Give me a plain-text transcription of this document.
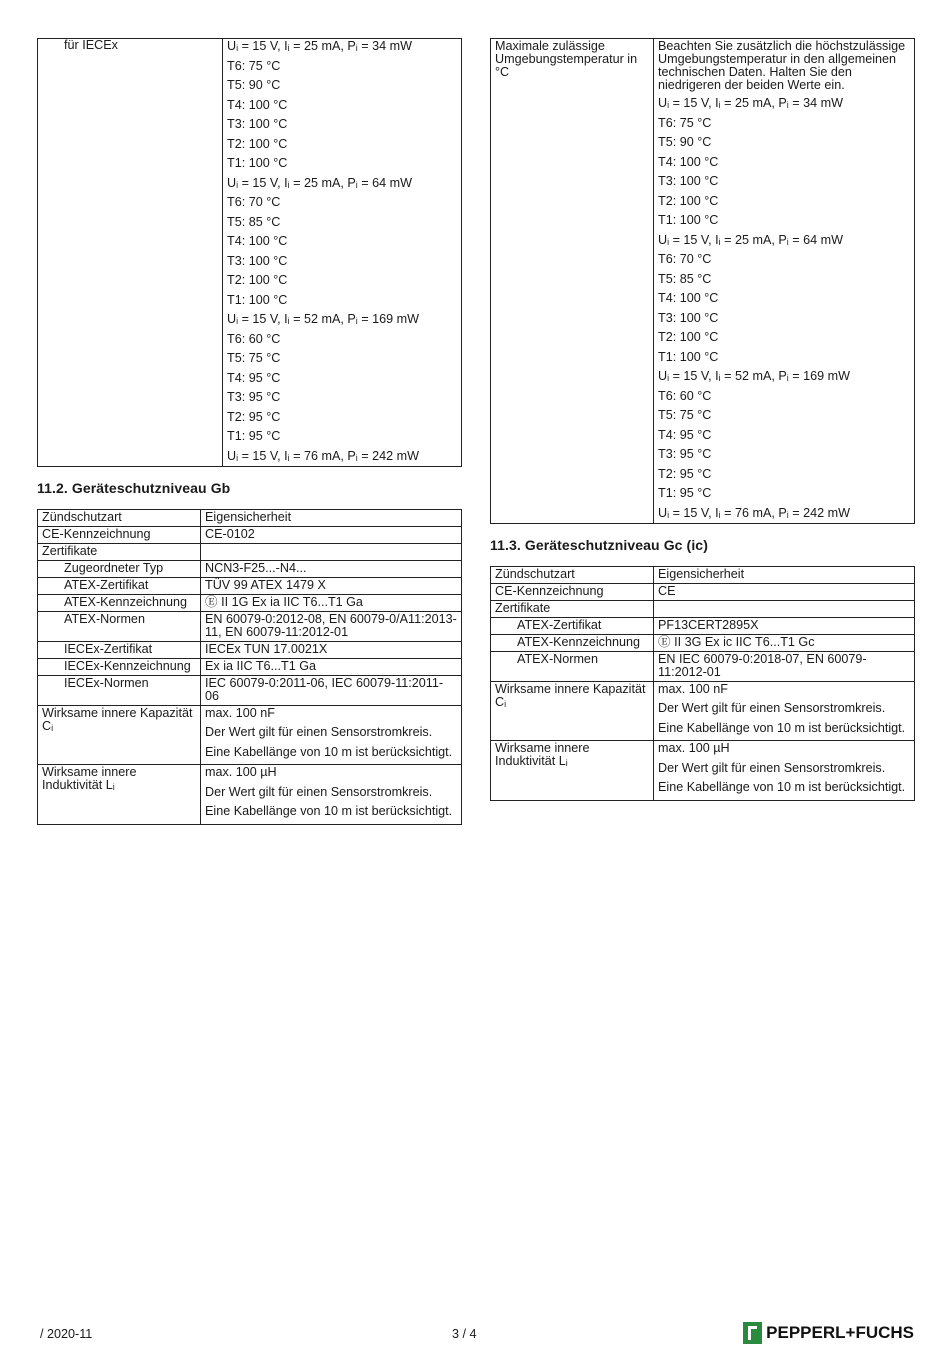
für IECEx	Uᵢ = 15 V, Iᵢ = 25 mA, Pᵢ = 34 mW
T6: 75 °C
T5: 90 °C
T4: 100 °C
T3: 100 °C
T2: 100 °C
T1: 100 °C
Uᵢ = 15 V, Iᵢ = 25 mA, Pᵢ = 64 mW
T6: 70 °C
T5: 85 °C
T4: 100 °C
T3: 100 °C
T2: 100 °C
T1: 100 °C
Uᵢ = 15 V, Iᵢ = 52 mA, Pᵢ = 169 mW
T6: 60 °C
T5: 75 °C
T4: 95 °C
T3: 95 °C
T2: 95 °C
T1: 95 °C
Uᵢ = 15 V, Iᵢ = 76 mA, Pᵢ = 242 mW
11.2. Geräteschutzniveau Gb
Zündschutzart	Eigensicherheit

CE-Kennzeichnung	CE-0102

Zertifikate	

Zugeordneter Typ	NCN3-F25...-N4...

ATEX-Zertifikat	TÜV 99 ATEX 1479 X

ATEX-Kennzeichnung	Ⓔ II 1G Ex ia IIC T6...T1 Ga

ATEX-Normen	EN 60079-0:2012-08, EN 60079-0/A11:2013-11, EN 60079-11:2012-01

IECEx-Zertifikat	IECEx TUN 17.0021X

IECEx-Kennzeichnung	Ex ia IIC T6...T1 Ga

IECEx-Normen	IEC 60079-0:2011-06, IEC 60079-11:2011-06

Wirksame innere Kapazität Cᵢ	max. 100 nF
Der Wert gilt für einen Sensorstromkreis.
Eine Kabellänge von 10 m ist berücksichtigt.

Wirksame innere Induktivität Lᵢ	max. 100 µH
Der Wert gilt für einen Sensorstromkreis.
Eine Kabellänge von 10 m ist berücksichtigt.
Maximale zulässige Umgebungstemperatur in °C	
Beachten Sie zusätzlich die höchstzulässige Umgebungstemperatur in den allgemeinen technischen Daten. Halten Sie den niedrigeren der beiden Werte ein.
Uᵢ = 15 V, Iᵢ = 25 mA, Pᵢ = 34 mW
T6: 75 °C
T5: 90 °C
T4: 100 °C
T3: 100 °C
T2: 100 °C
T1: 100 °C
Uᵢ = 15 V, Iᵢ = 25 mA, Pᵢ = 64 mW
T6: 70 °C
T5: 85 °C
T4: 100 °C
T3: 100 °C
T2: 100 °C
T1: 100 °C
Uᵢ = 15 V, Iᵢ = 52 mA, Pᵢ = 169 mW
T6: 60 °C
T5: 75 °C
T4: 95 °C
T3: 95 °C
T2: 95 °C
T1: 95 °C
Uᵢ = 15 V, Iᵢ = 76 mA, Pᵢ = 242 mW
11.3. Geräteschutzniveau Gc (ic)
Zündschutzart	Eigensicherheit

CE-Kennzeichnung	CE

Zertifikate	

ATEX-Zertifikat	PF13CERT2895X

ATEX-Kennzeichnung	Ⓔ II 3G Ex ic IIC T6...T1 Gc

ATEX-Normen	EN IEC 60079-0:2018-07, EN 60079-11:2012-01

Wirksame innere Kapazität Cᵢ	max. 100 nF
Der Wert gilt für einen Sensorstromkreis.
Eine Kabellänge von 10 m ist berücksichtigt.

Wirksame innere Induktivität Lᵢ	max. 100 µH
Der Wert gilt für einen Sensorstromkreis.
Eine Kabellänge von 10 m ist berücksichtigt.
/ 2020-11	3 / 4	PEPPERL+FUCHS
